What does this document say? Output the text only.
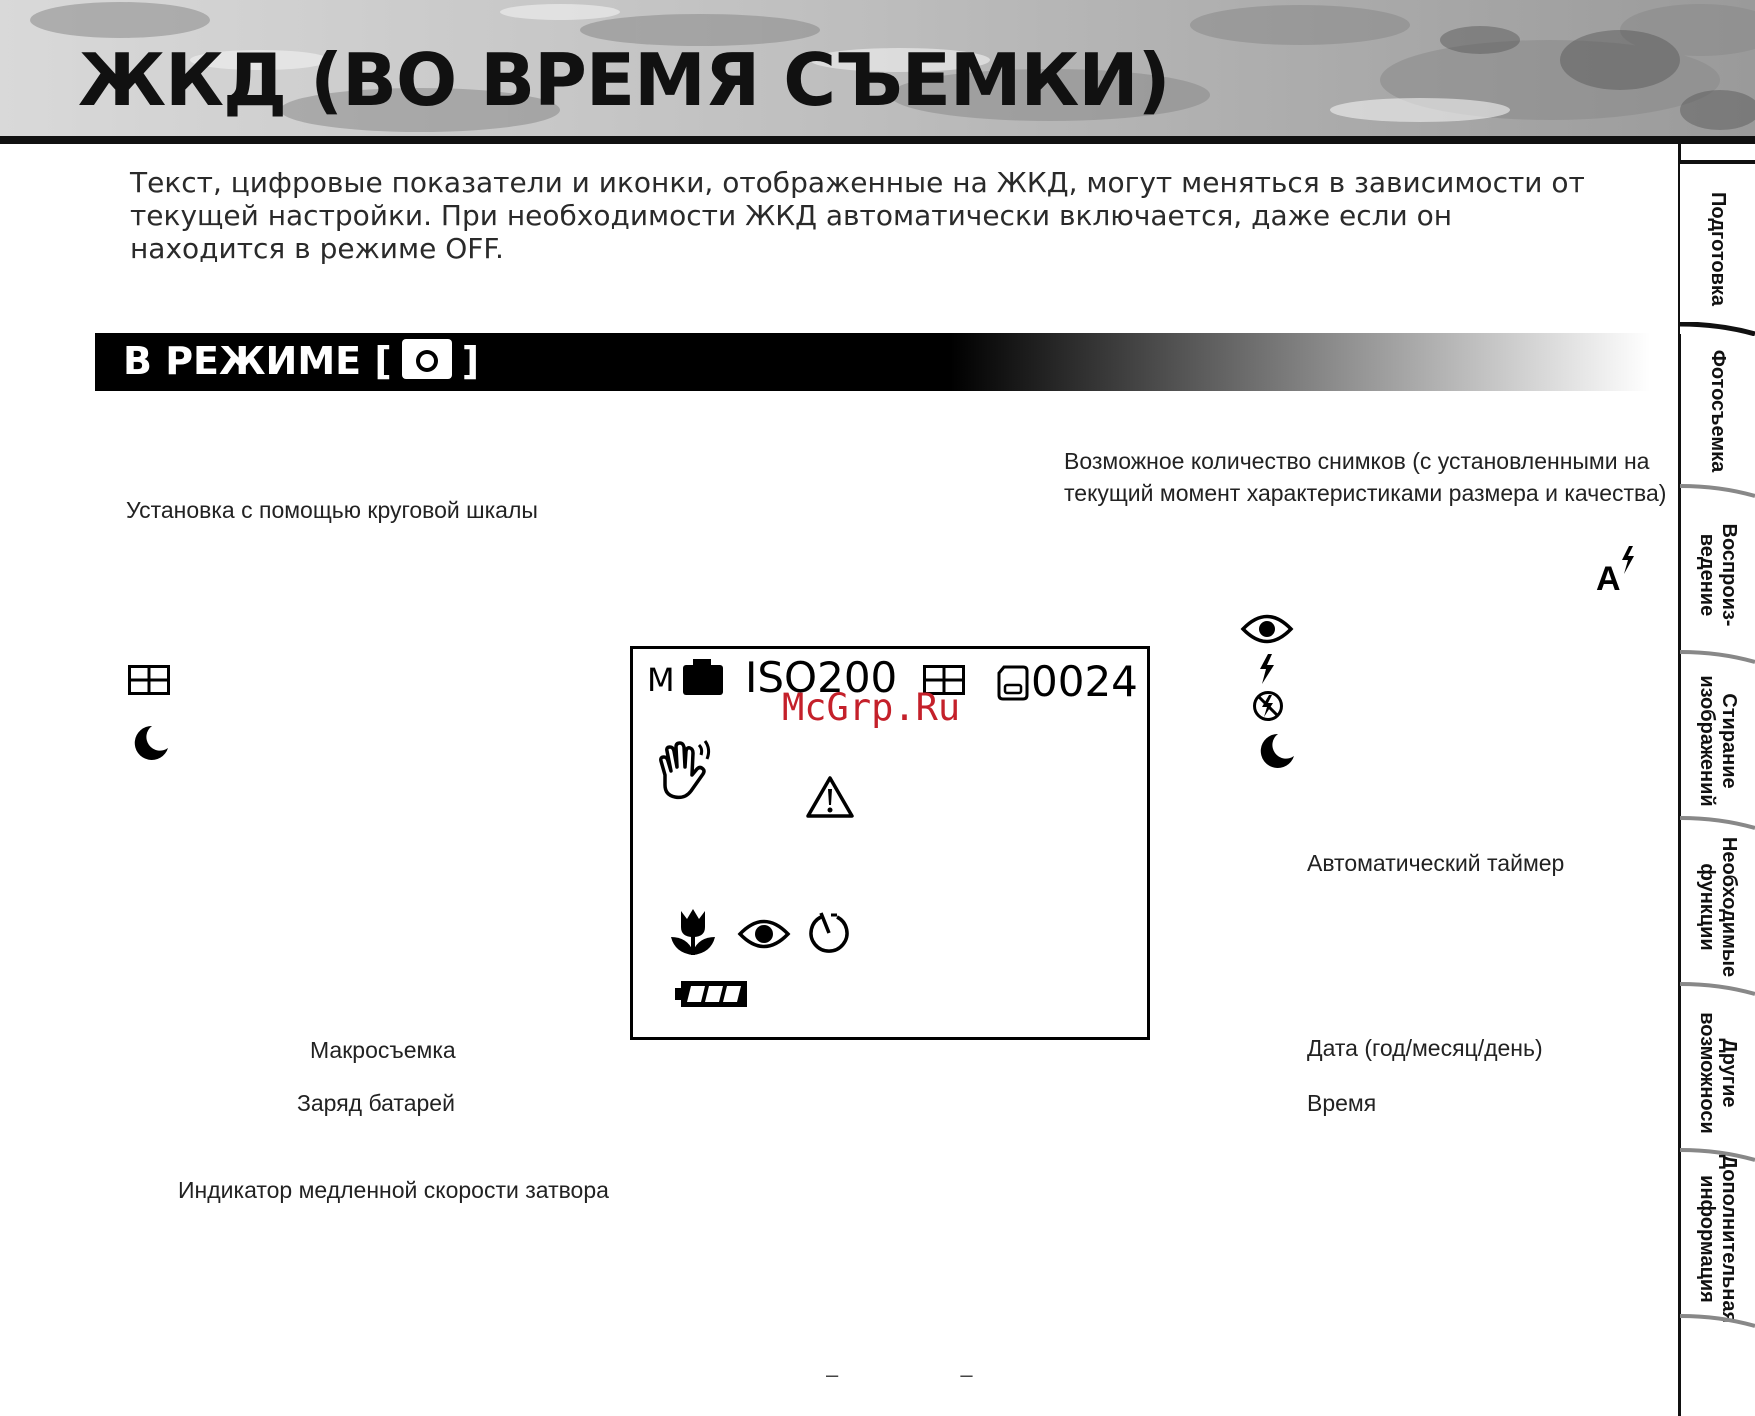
ЖКД (ВО ВРЕМЯ СЪЕМКИ)
Текст, цифровые показатели и иконки, отображенные на ЖКД, могут меняться в зависимости от текущей настройки. При необходимости ЖКД автоматически включается, даже если он находится в режиме OFF.
В РЕЖИМЕ [ ]
Установка с помощью круговой шкалы
Возможное количество снимков (с установленными на
текущий момент характеристиками размера и качества)
Автоматический таймер
Макросъемка
Заряд батарей
Дата (год/месяц/день)
Время
Индикатор медленной скорости затвора
A
M ISO200	0024
McGrp.Ru
Подготовка
Фотосъемка
Воспроиз-
ведение
Стирание
изображений
Необходимые
функции
Другие
возможноси
Дополнительная
информация
– –
